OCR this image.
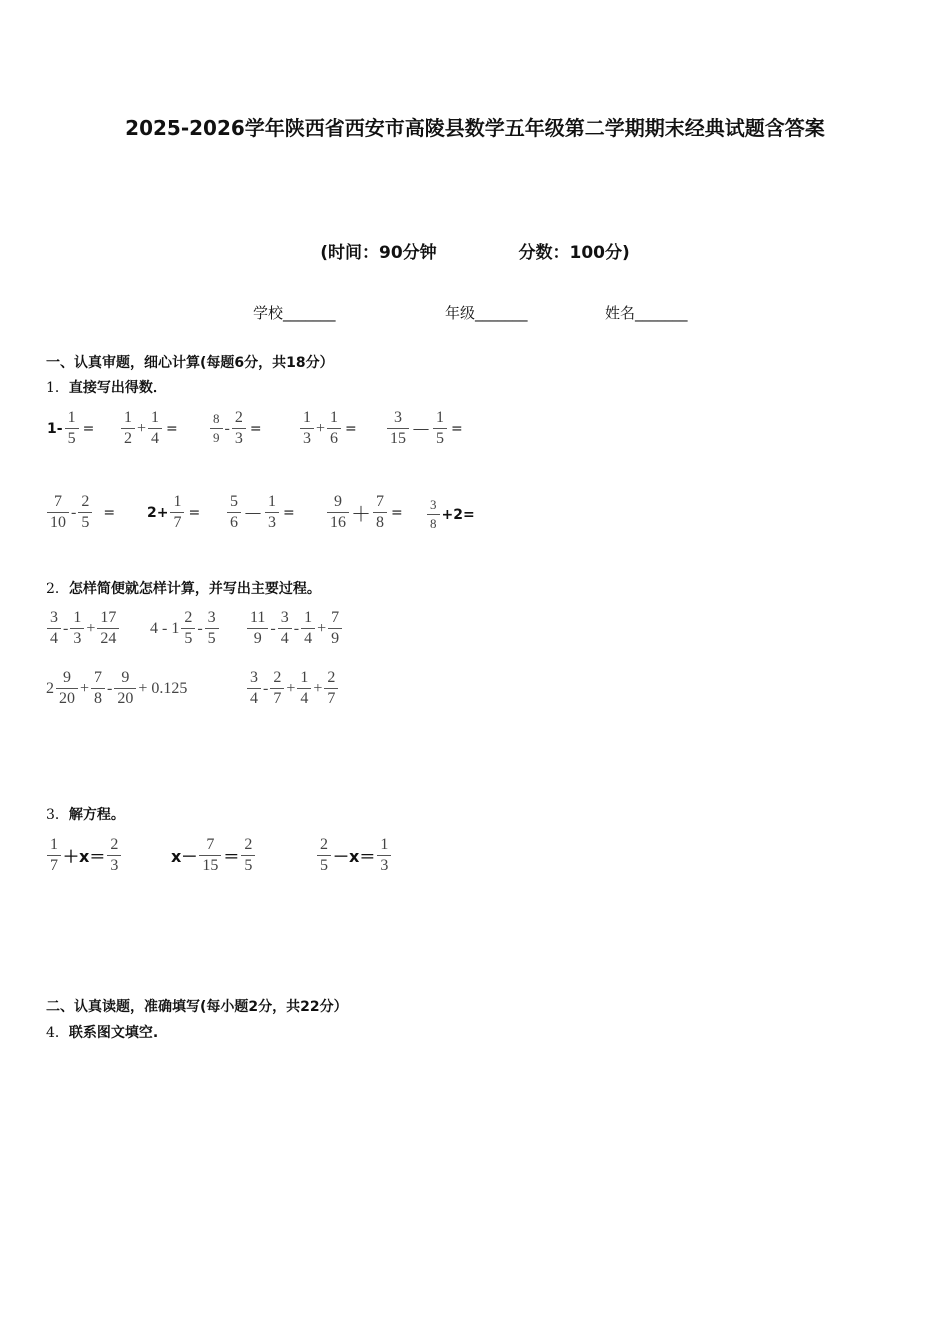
2025-2026学年陕西省西安市高陵县数学五年级第二学期期末经典试题含答案
(时间：90分钟	分数：100分)
学校_______	年级_______	姓名_______
一、认真审题，细心计算(每题6分，共18分）
1．直接写出得数．
$1- \frac{1}{5} = \frac{1}{2} + \frac{1}{4} = \frac{8}{9} - \frac{2}{3} = \frac{1}{3} + \frac{1}{6} = \frac{3}{15} - \frac{1}{5}$ =
$\frac{7}{10} - \frac{2}{5} = 2+ \frac{1}{7} = \frac{5}{6} - \frac{1}{3} = \frac{9}{16} + \frac{7}{8} = \frac{3}{8} +2=$
2．怎样简便就怎样计算，并写出主要过程。
$\frac{3}{4} - \frac{1}{3} + \frac{17}{24} 4 - 1 \frac{2}{5} - \frac{3}{5} \frac{11}{9} - \frac{3}{4} - \frac{1}{4} + \frac{7}{9}$
$2 \frac{9}{20} + \frac{7}{8} - \frac{9}{20} + 0.125$	$\frac{3}{4} - \frac{2}{7} + \frac{1}{4} + \frac{2}{7}$
3．解方程。
$\frac{1}{7} +x= \frac{2}{3}$	$x- \frac{7}{15} = \frac{2}{5}$	$\frac{2}{5} -x= \frac{1}{3}$
二、认真读题，准确填写(每小题2分，共22分）
4．联系图文填空.
